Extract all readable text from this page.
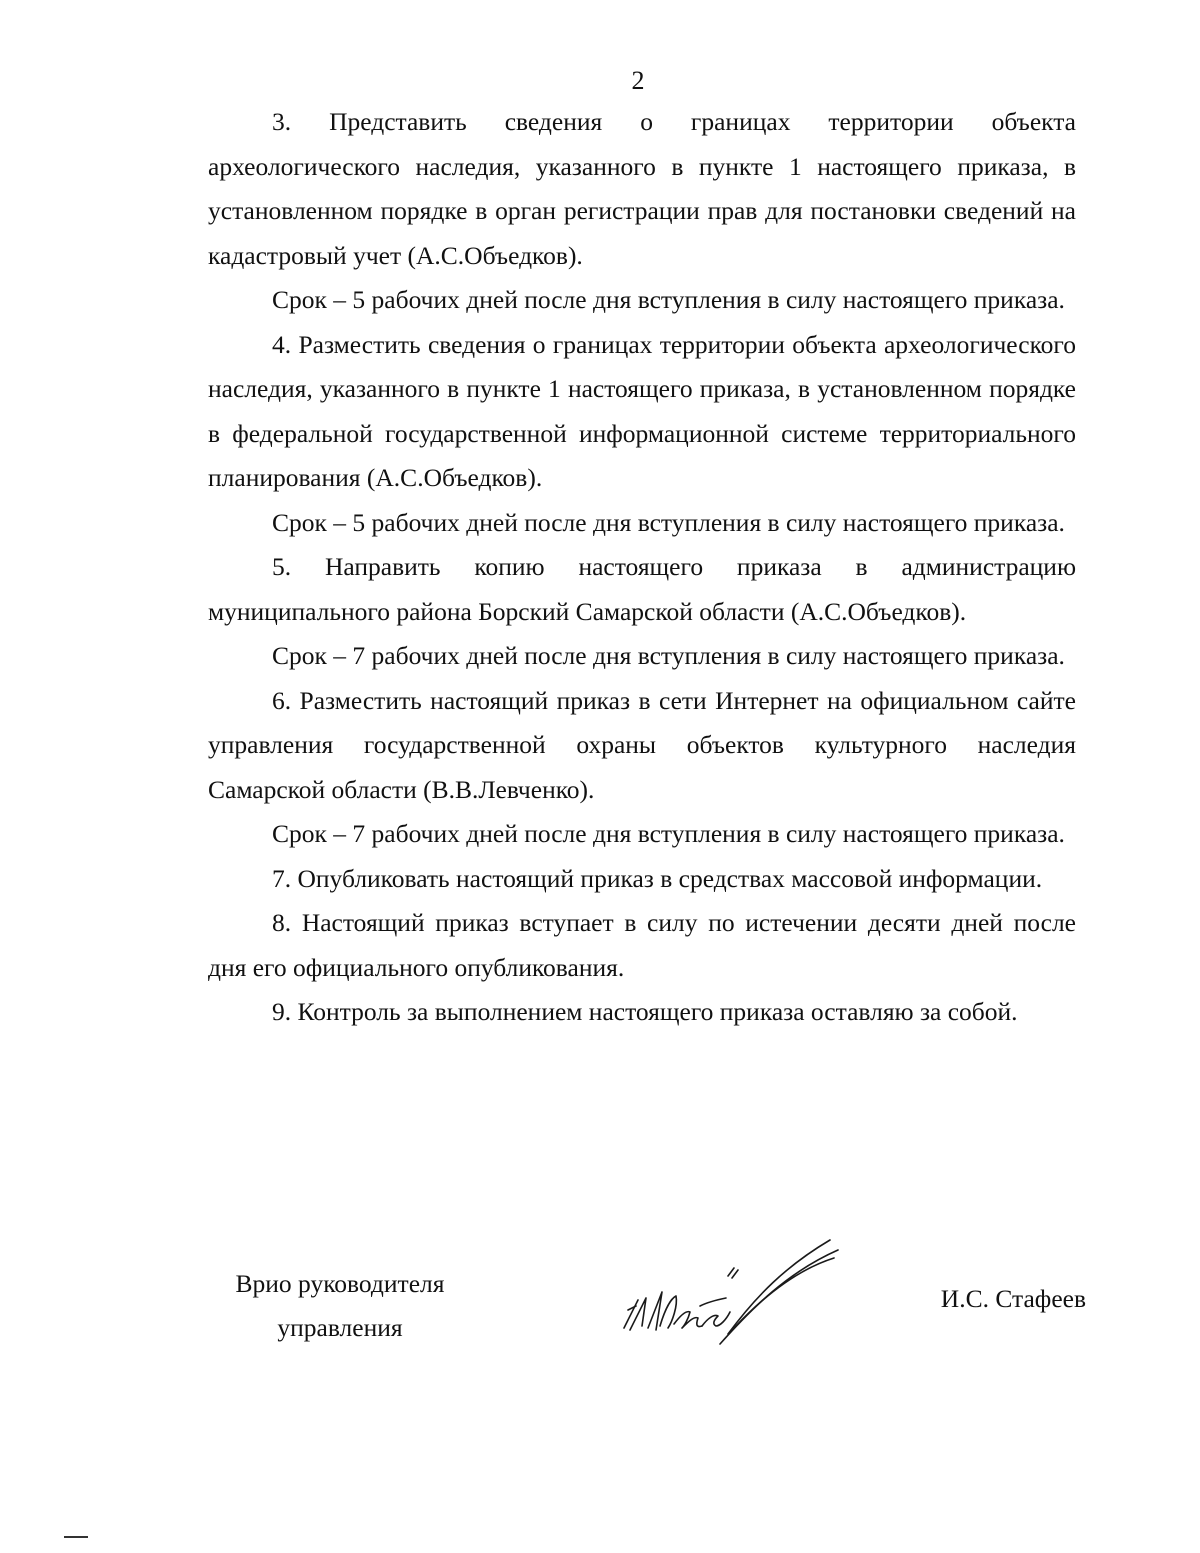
2

3. Представить сведения о границах территории объекта археологического наследия, указанного в пункте 1 настоящего приказа, в установленном порядке в орган регистрации прав для постановки сведений на кадастровый учет (А.С.Объедков).

Срок – 5 рабочих дней после дня вступления в силу настоящего приказа.

4. Разместить сведения о границах территории объекта археологического наследия, указанного в пункте 1 настоящего приказа, в установленном порядке в федеральной государственной информационной системе территориального планирования (А.С.Объедков).

Срок – 5 рабочих дней после дня вступления в силу настоящего приказа.

5. Направить копию настоящего приказа в администрацию муниципального района Борский Самарской области (А.С.Объедков).

Срок – 7 рабочих дней после дня вступления в силу настоящего приказа.

6. Разместить настоящий приказ в сети Интернет на официальном сайте управления государственной охраны объектов культурного наследия Самарской области (В.В.Левченко).

Срок – 7 рабочих дней после дня вступления в силу настоящего приказа.

7. Опубликовать настоящий приказ в средствах массовой информации.

8. Настоящий приказ вступает в силу по истечении десяти дней после дня его официального опубликования.

9. Контроль за выполнением настоящего приказа оставляю за собой.

Врио руководителя
управления
И.С. Стафеев
